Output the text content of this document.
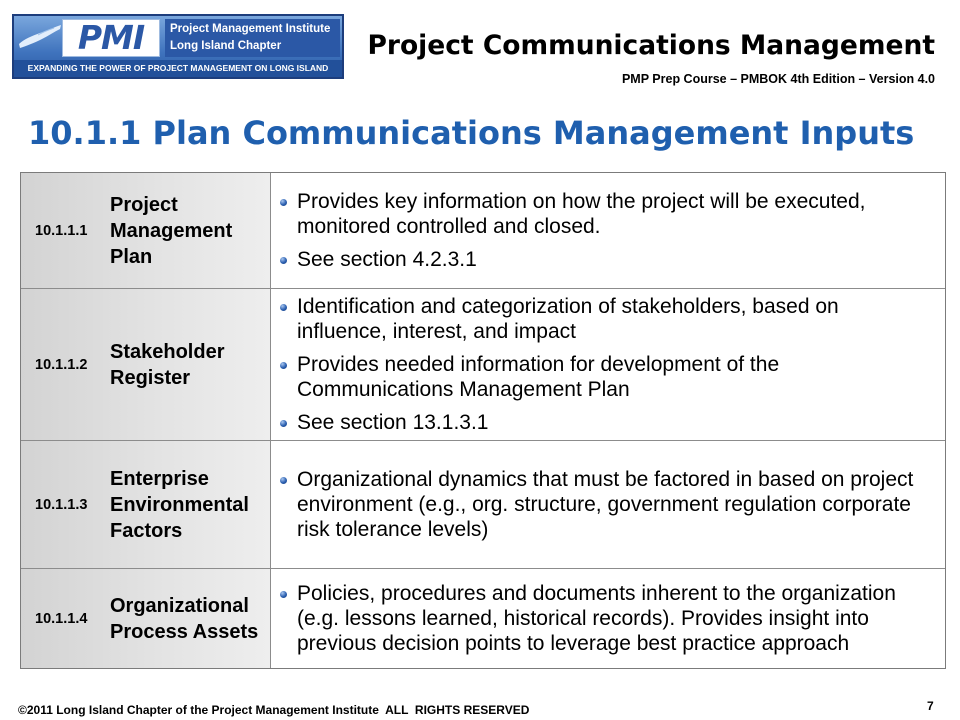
PMI	Project Management Institute
Long Island Chapter
EXPANDING THE POWER OF PROJECT MANAGEMENT ON LONG ISLAND
Project Communications Management
PMP Prep Course – PMBOK 4th Edition – Version 4.0
10.1.1 Plan Communications Management Inputs
10.1.1.1
Project Management Plan
Provides key information on how the project will be executed, monitored controlled and closed.
See section 4.2.3.1
10.1.1.2
Stakeholder Register
Identification and categorization of stakeholders, based on influence, interest, and impact
Provides needed information for development of the Communications Management Plan
See section 13.1.3.1
10.1.1.3
Enterprise Environmental Factors
Organizational dynamics that must be factored in based on project environment (e.g., org. structure, government regulation corporate risk tolerance levels)
10.1.1.4
Organizational Process Assets
Policies, procedures and documents inherent to the organization (e.g. lessons learned, historical records). Provides insight into previous decision points to leverage best practice approach
©2011 Long Island Chapter of the Project Management Institute  ALL  RIGHTS RESERVED	7
